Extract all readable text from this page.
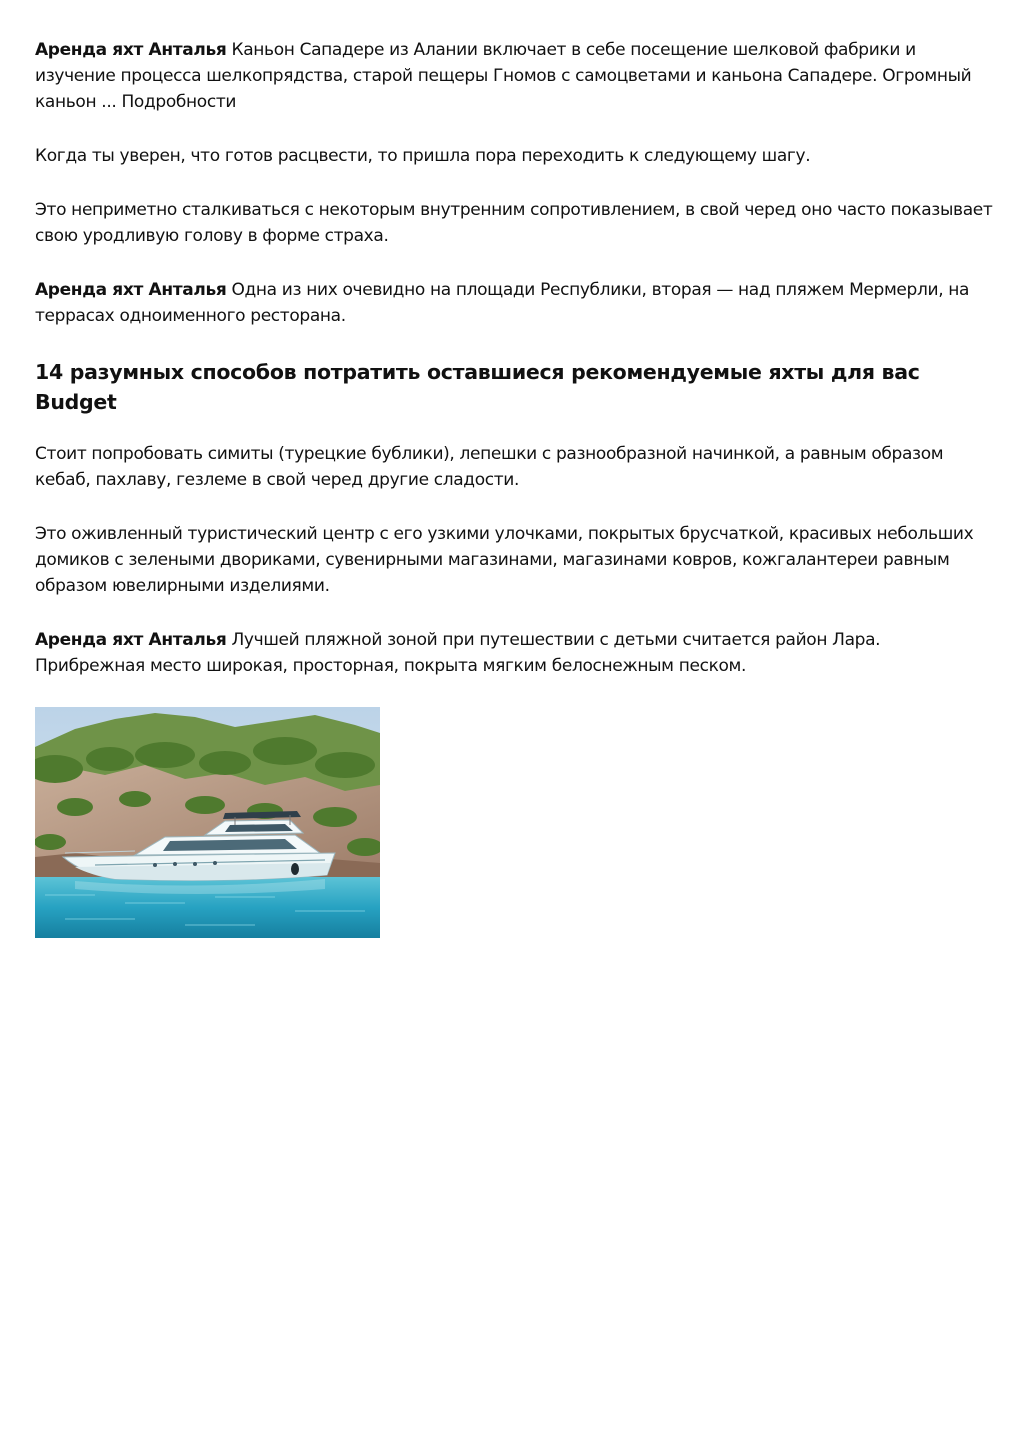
Аренда яхт Анталья Каньон Сападере из Алании включает в себе посещение шелковой фабрики и изучение процесса шелкопрядства, старой пещеры Гномов с самоцветами и каньона Сападере. Огромный каньон ... Подробности

Когда ты уверен, что готов расцвести, то пришла пора переходить к следующему шагу.

Это неприметно сталкиваться с некоторым внутренним сопротивлением, в свой черед оно часто показывает свою уродливую голову в форме страха.

Аренда яхт Анталья Одна из них очевидно на площади Республики, вторая — над пляжем Мермерли, на террасах одноименного ресторана.

14 разумных способов потратить оставшиеся рекомендуемые яхты для вас Budget

Стоит попробовать симиты (турецкие бублики), лепешки с разнообразной начинкой, а равным образом кебаб, пахлаву, гезлеме в свой черед другие сладости.

Это оживленный туристический центр с его узкими улочками, покрытых брусчаткой, красивых небольших домиков с зелеными двориками, сувенирными магазинами, магазинами ковров, кожгалантереи равным образом ювелирными изделиями.

Аренда яхт Анталья Лучшей пляжной зоной при путешествии с детьми считается район Лара. Прибрежная место широкая, просторная, покрыта мягким белоснежным песком.
